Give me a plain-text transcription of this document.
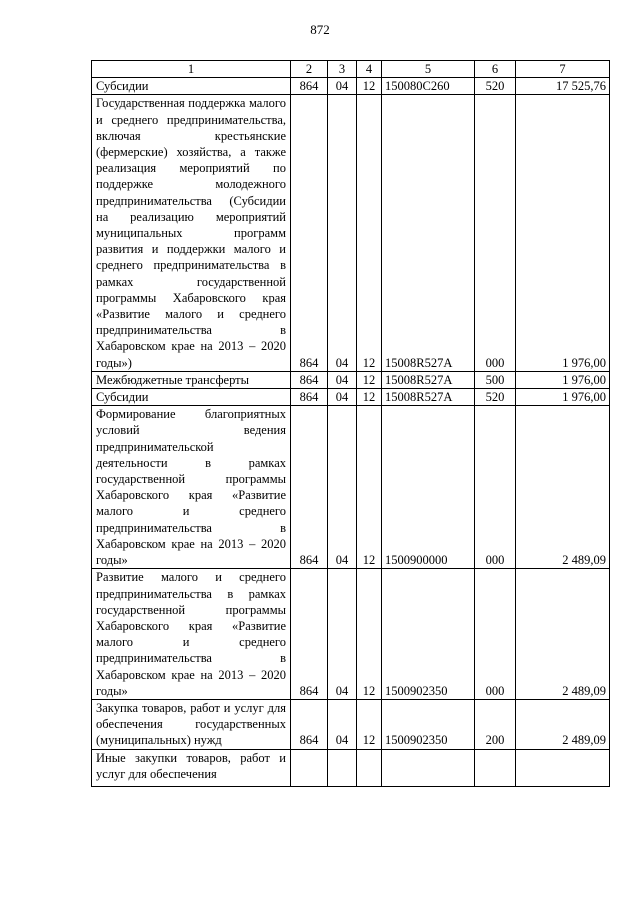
872
1	2	3	4	5	6	7
Субсидии	864	04	12	150080С260	520	17 525,76
Государственная поддержка малого и среднего предпринимательства, включая крестьянские (фермерские) хозяйства, а также реализация мероприятий по поддержке молодежного предпринимательства (Субсидии на реализацию мероприятий муниципальных программ развития и поддержки малого и среднего предпринимательства в рамках государственной программы Хабаровского края «Развитие малого и среднего предпринимательства в Хабаровском крае на 2013 – 2020 годы»)	864	04	12	15008R527A	000	1 976,00
Межбюджетные трансферты	864	04	12	15008R527A	500	1 976,00
Субсидии	864	04	12	15008R527A	520	1 976,00
Формирование благоприятных условий ведения предпринимательской деятельности в рамках государственной программы Хабаровского края «Развитие малого и среднего предпринимательства в Хабаровском крае на 2013 – 2020 годы»	864	04	12	1500900000	000	2 489,09
Развитие малого и среднего предпринимательства в рамках государственной программы Хабаровского края «Развитие малого и среднего предпринимательства в Хабаровском крае на 2013 – 2020 годы»	864	04	12	1500902350	000	2 489,09
Закупка товаров, работ и услуг для обеспечения государственных (муниципальных) нужд	864	04	12	1500902350	200	2 489,09
Иные закупки товаров, работ и услуг для обеспечения						
